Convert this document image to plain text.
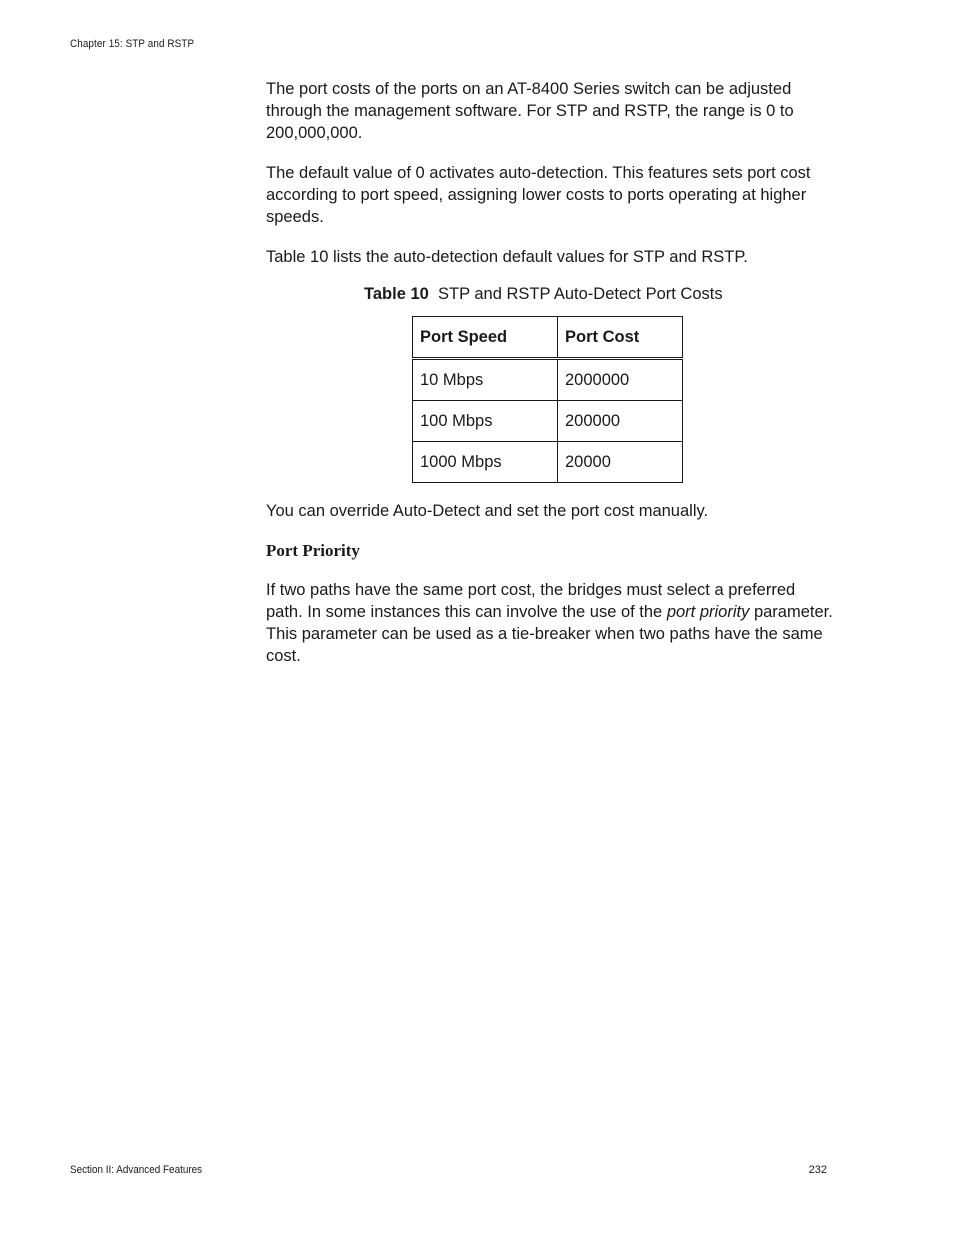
Chapter 15: STP and RSTP

The port costs of the ports on an AT-8400 Series switch can be adjusted through the management software. For STP and RSTP, the range is 0 to 200,000,000.

The default value of 0 activates auto-detection. This features sets port cost according to port speed, assigning lower costs to ports operating at higher speeds.

Table 10 lists the auto-detection default values for STP and RSTP.

Table 10 STP and RSTP Auto-Detect Port Costs
Port Speed	Port Cost
10 Mbps	2000000
100 Mbps	200000
1000 Mbps	20000

You can override Auto-Detect and set the port cost manually.

Port Priority

If two paths have the same port cost, the bridges must select a preferred path. In some instances this can involve the use of the port priority parameter. This parameter can be used as a tie-breaker when two paths have the same cost.

Section II: Advanced Features	232
